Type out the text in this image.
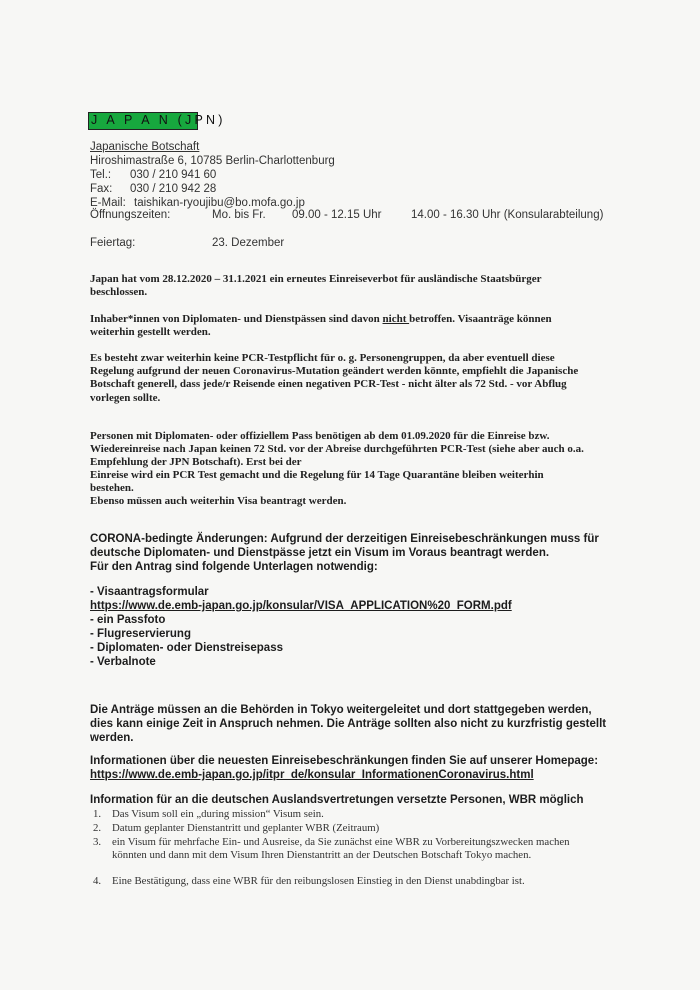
J A P A N (JPN)
Japanische Botschaft
Hiroshimastraße 6, 10785 Berlin-Charlottenburg
Tel.: 030 / 210 941 60
Fax: 030 / 210 942 28
E-Mail: taishikan-ryoujibu@bo.mofa.go.jp
Öffnungszeiten:	Mo. bis Fr. 09.00 - 12.15 Uhr	14.00 - 16.30 Uhr (Konsularabteilung)
Feiertag:	23. Dezember
Japan hat vom 28.12.2020 – 31.1.2021 ein erneutes Einreiseverbot für ausländische Staatsbürger beschlossen.
Inhaber*innen von Diplomaten- und Dienstpässen sind davon nicht betroffen. Visaanträge können weiterhin gestellt werden.
Es besteht zwar weiterhin keine PCR-Testpflicht für o. g. Personengruppen, da aber eventuell diese Regelung aufgrund der neuen Coronavirus-Mutation geändert werden könnte, empfiehlt die Japanische Botschaft generell, dass jede/r Reisende einen negativen PCR-Test - nicht älter als 72 Std. - vor Abflug vorlegen sollte.
Personen mit Diplomaten- oder offiziellem Pass benötigen ab dem 01.09.2020 für die Einreise bzw.
Wiedereinreise nach Japan keinen 72 Std. vor der Abreise durchgeführten PCR-Test (siehe aber auch o.a.
Empfehlung der JPN Botschaft). Erst bei der
Einreise wird ein PCR Test gemacht und die Regelung für 14 Tage Quarantäne bleiben weiterhin
bestehen.
Ebenso müssen auch weiterhin Visa beantragt werden.
CORONA-bedingte Änderungen: Aufgrund der derzeitigen Einreisebeschränkungen muss für deutsche Diplomaten- und Dienstpässe jetzt ein Visum im Voraus beantragt werden.
Für den Antrag sind folgende Unterlagen notwendig:
- Visaantragsformular
https://www.de.emb-japan.go.jp/konsular/VISA_APPLICATION%20_FORM.pdf
- ein Passfoto
- Flugreservierung
- Diplomaten- oder Dienstreisepass
- Verbalnote
Die Anträge müssen an die Behörden in Tokyo weitergeleitet und dort stattgegeben werden, dies kann einige Zeit in Anspruch nehmen. Die Anträge sollten also nicht zu kurzfristig gestellt werden.
Informationen über die neuesten Einreisebeschränkungen finden Sie auf unserer Homepage:
https://www.de.emb-japan.go.jp/itpr_de/konsular_InformationenCoronavirus.html
Information für an die deutschen Auslandsvertretungen versetzte Personen, WBR möglich
1. Das Visum soll ein „during mission“ Visum sein.
2. Datum geplanter Dienstantritt und geplanter WBR (Zeitraum)
3. ein Visum für mehrfache Ein- und Ausreise, da Sie zunächst eine WBR zu Vorbereitungszwecken machen könnten und dann mit dem Visum Ihren Dienstantritt an der Deutschen Botschaft Tokyo machen.
4. Eine Bestätigung, dass eine WBR für den reibungslosen Einstieg in den Dienst unabdingbar ist.
